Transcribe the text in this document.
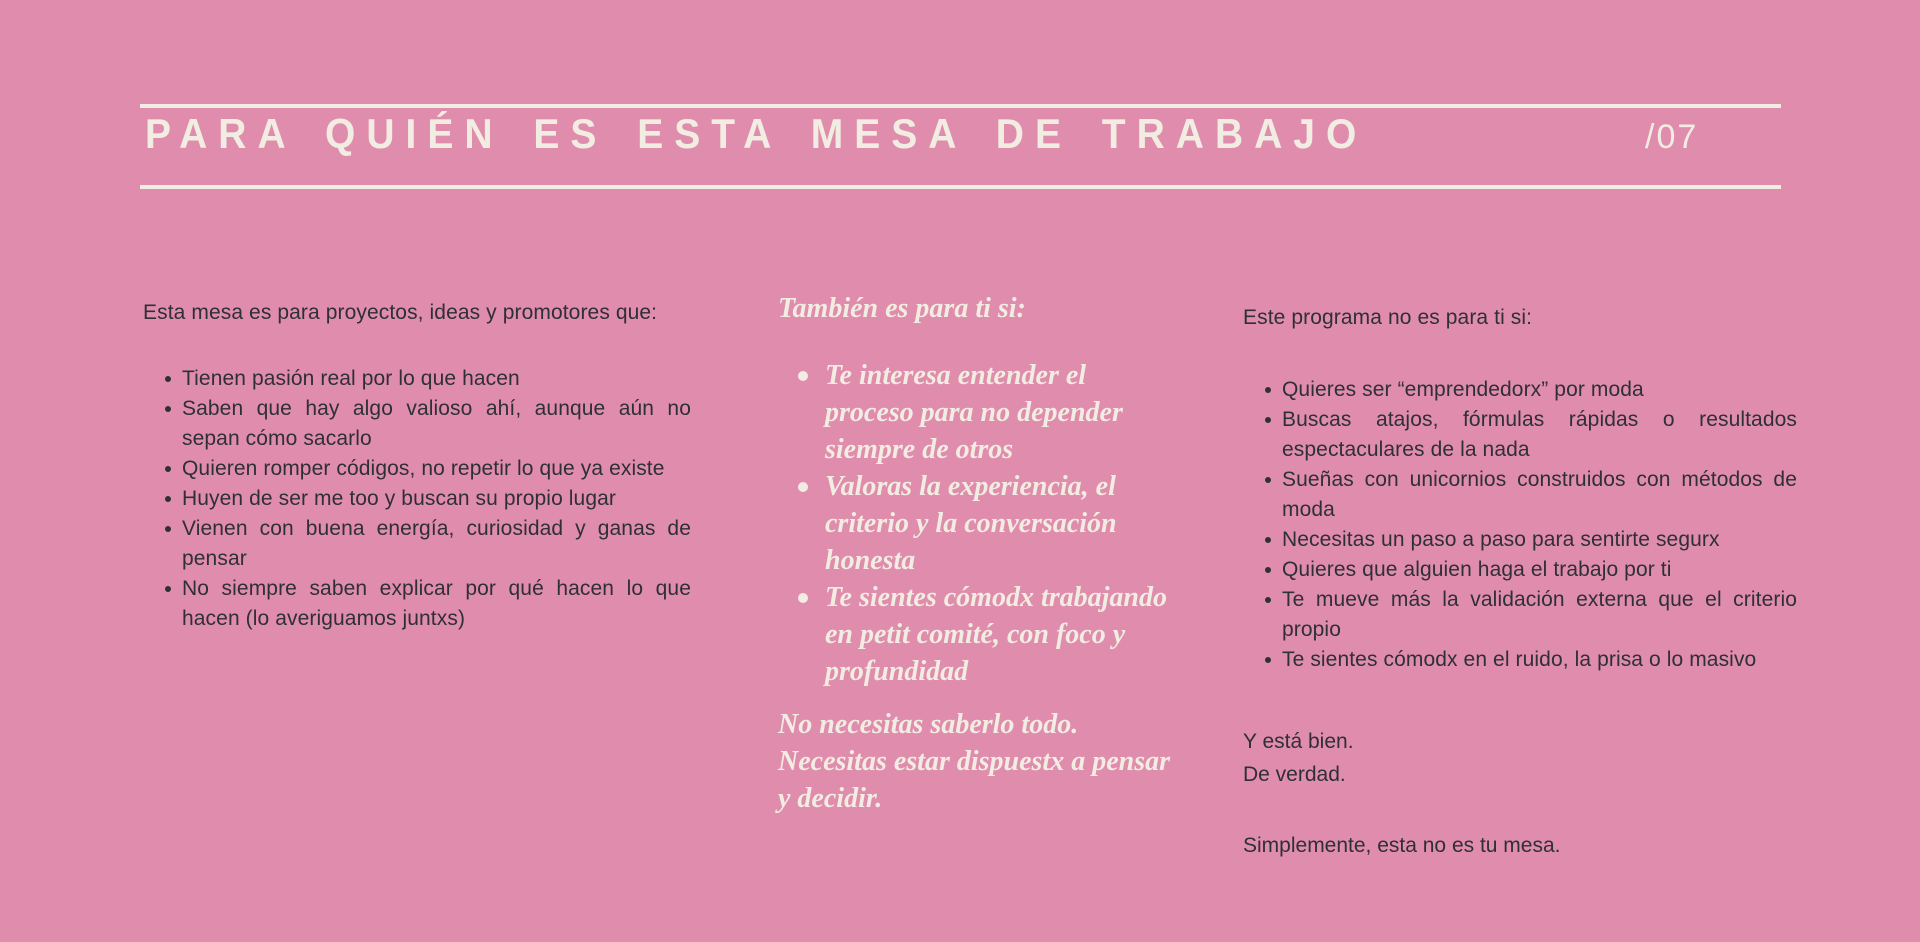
PARA QUIÉN ES ESTA MESA DE TRABAJO	/07

Esta mesa es para proyectos, ideas y promotores que:

Tienen pasión real por lo que hacen
Saben que hay algo valioso ahí, aunque aún no sepan cómo sacarlo
Quieren romper códigos, no repetir lo que ya existe
Huyen de ser me too y buscan su propio lugar
Vienen con buena energía, curiosidad y ganas de pensar
No siempre saben explicar por qué hacen lo que hacen (lo averiguamos juntxs)

También es para ti si:

Te interesa entender el proceso para no depender siempre de otros
Valoras la experiencia, el criterio y la conversación honesta
Te sientes cómodx trabajando en petit comité, con foco y profundidad

No necesitas saberlo todo. Necesitas estar dispuestx a pensar y decidir.

Este programa no es para ti si:

Quieres ser “emprendedorx” por moda
Buscas atajos, fórmulas rápidas o resultados espectaculares de la nada
Sueñas con unicornios construidos con métodos de moda
Necesitas un paso a paso para sentirte segurx
Quieres que alguien haga el trabajo por ti
Te mueve más la validación externa que el criterio propio
Te sientes cómodx en el ruido, la prisa o lo masivo
Y está bien.
De verdad.

Simplemente, esta no es tu mesa.
